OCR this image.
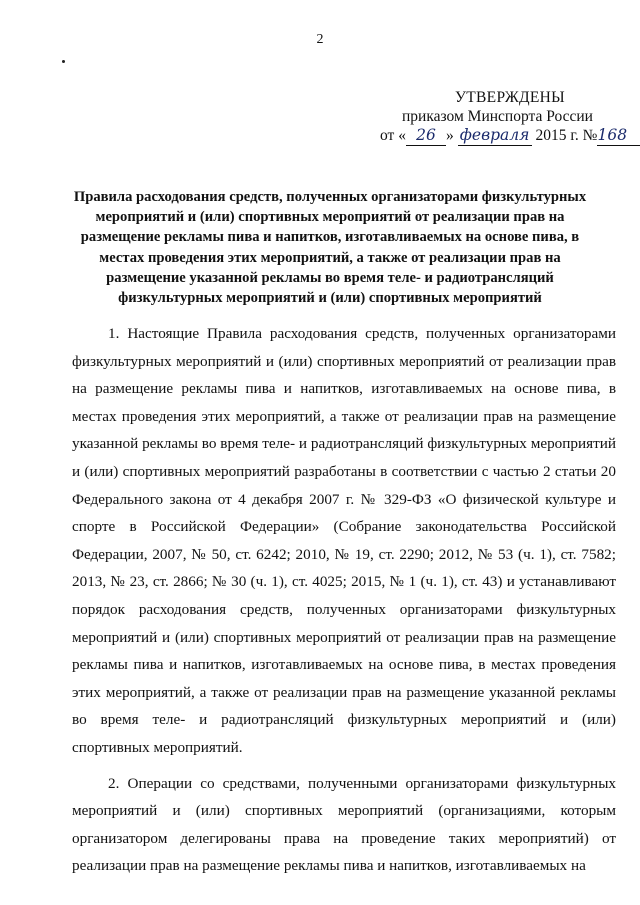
2
УТВЕРЖДЕНЫ
приказом Минспорта России
от « 26 » февраля 2015 г. №168
Правила расходования средств, полученных организаторами физкультурных мероприятий и (или) спортивных мероприятий от реализации прав на размещение рекламы пива и напитков, изготавливаемых на основе пива, в местах проведения этих мероприятий, а также от реализации прав на размещение указанной рекламы во время теле- и радиотрансляций физкультурных мероприятий и (или) спортивных мероприятий

1. Настоящие Правила расходования средств, полученных организаторами физкультурных мероприятий и (или) спортивных мероприятий от реализации прав на размещение рекламы пива и напитков, изготавливаемых на основе пива, в местах проведения этих мероприятий, а также от реализации прав на размещение указанной рекламы во время теле- и радиотрансляций физкультурных мероприятий и (или) спортивных мероприятий разработаны в соответствии с частью 2 статьи 20 Федерального закона от 4 декабря 2007 г. № 329-ФЗ «О физической культуре и спорте в Российской Федерации» (Собрание законодательства Российской Федерации, 2007, № 50, ст. 6242; 2010, № 19, ст. 2290; 2012, № 53 (ч. 1), ст. 7582; 2013, № 23, ст. 2866; № 30 (ч. 1), ст. 4025; 2015, № 1 (ч. 1), ст. 43) и устанавливают порядок расходования средств, полученных организаторами физкультурных мероприятий и (или) спортивных мероприятий от реализации прав на размещение рекламы пива и напитков, изготавливаемых на основе пива, в местах проведения этих мероприятий, а также от реализации прав на размещение указанной рекламы во время теле- и радиотрансляций физкультурных мероприятий и (или) спортивных мероприятий.

2. Операции со средствами, полученными организаторами физкультурных мероприятий и (или) спортивных мероприятий (организациями, которым организатором делегированы права на проведение таких мероприятий) от реализации прав на размещение рекламы пива и напитков, изготавливаемых на
